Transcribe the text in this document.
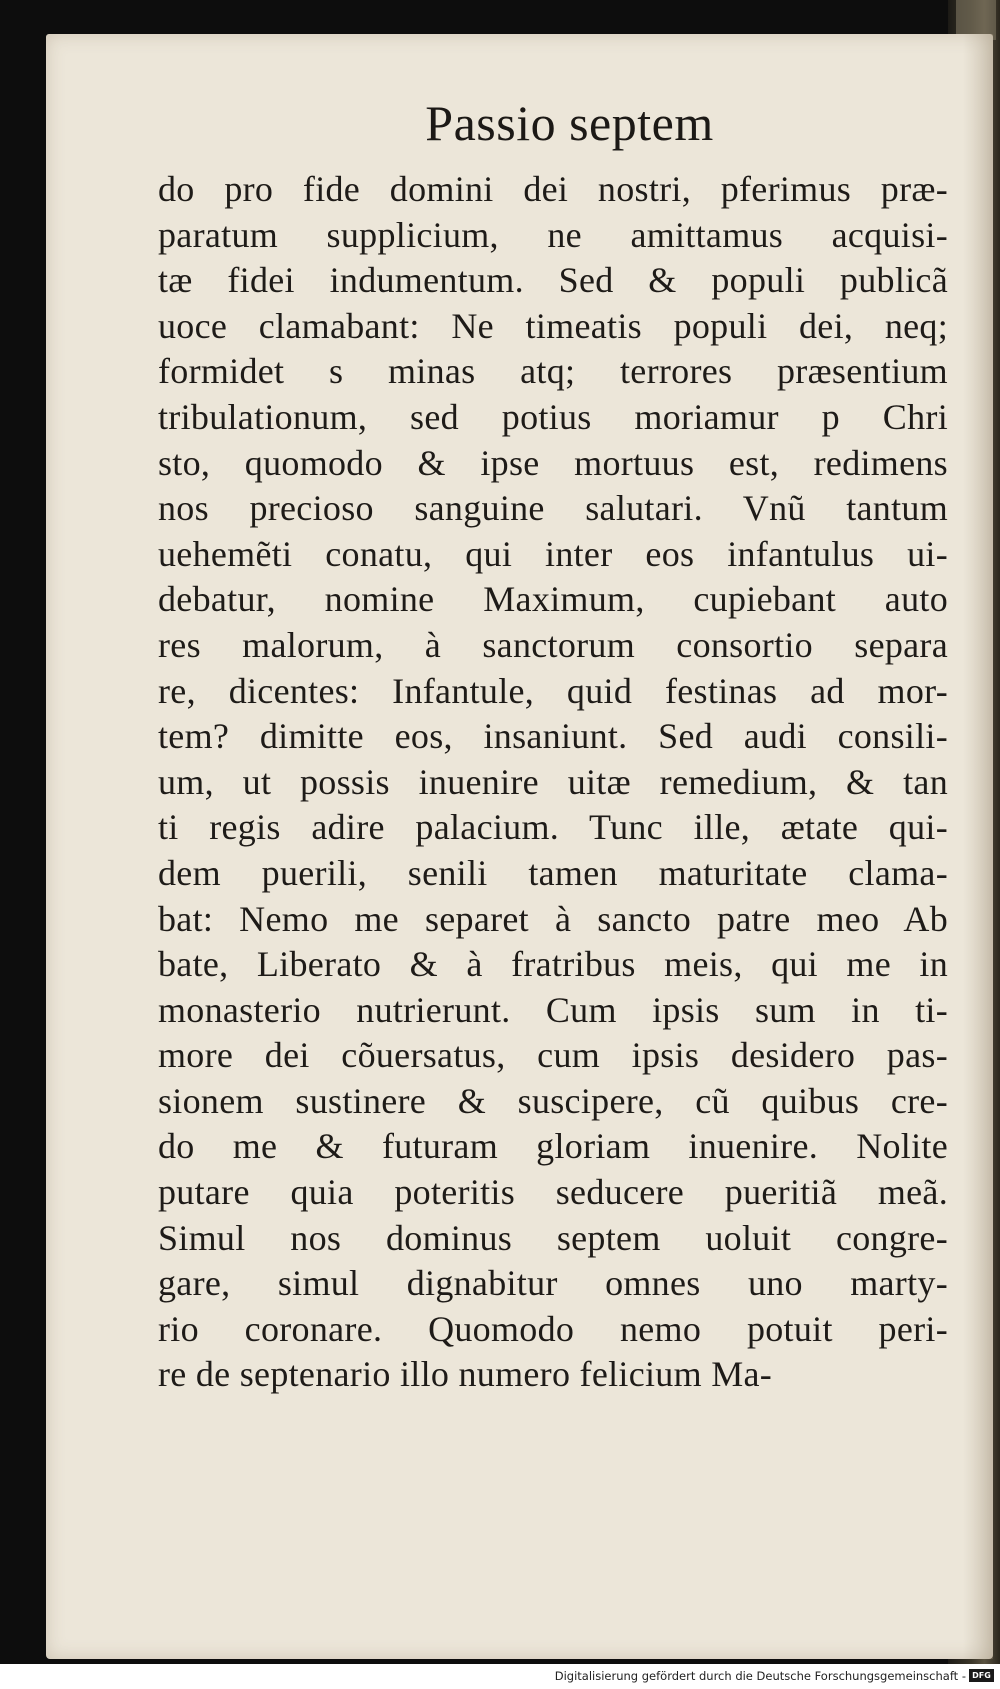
Passio septem
do pro fide domini dei nostri, pferimus præ-
paratum supplicium, ne amittamus acquisi-
tæ fidei indumentum. Sed & populi publicã
uoce clamabant: Ne timeatis populi dei, neq;
formidet s minas atq; terrores præsentium
tribulationum, sed potius moriamur p Chri
sto, quomodo & ipse mortuus est, redimens
nos precioso sanguine salutari. Vnũ tantum
uehemẽti conatu, qui inter eos infantulus ui-
debatur, nomine Maximum, cupiebant auto
res malorum, à sanctorum consortio separa
re, dicentes: Infantule, quid festinas ad mor-
tem? dimitte eos, insaniunt. Sed audi consili-
um, ut possis inuenire uitæ remedium, & tan
ti regis adire palacium. Tunc ille, ætate qui-
dem puerili, senili tamen maturitate clama-
bat: Nemo me separet à sancto patre meo Ab
bate, Liberato & à fratribus meis, qui me in
monasterio nutrierunt. Cum ipsis sum in ti-
more dei cõuersatus, cum ipsis desidero pas-
sionem sustinere & suscipere, cũ quibus cre-
do me & futuram gloriam inuenire. Nolite
putare quia poteritis seducere pueritiã meã.
Simul nos dominus septem uoluit congre-
gare, simul dignabitur omnes uno marty-
rio coronare. Quomodo nemo potuit peri-
re de septenario illo numero felicium Ma-
Digitalisierung gefördert durch die Deutsche Forschungsgemeinschaft - DFG
